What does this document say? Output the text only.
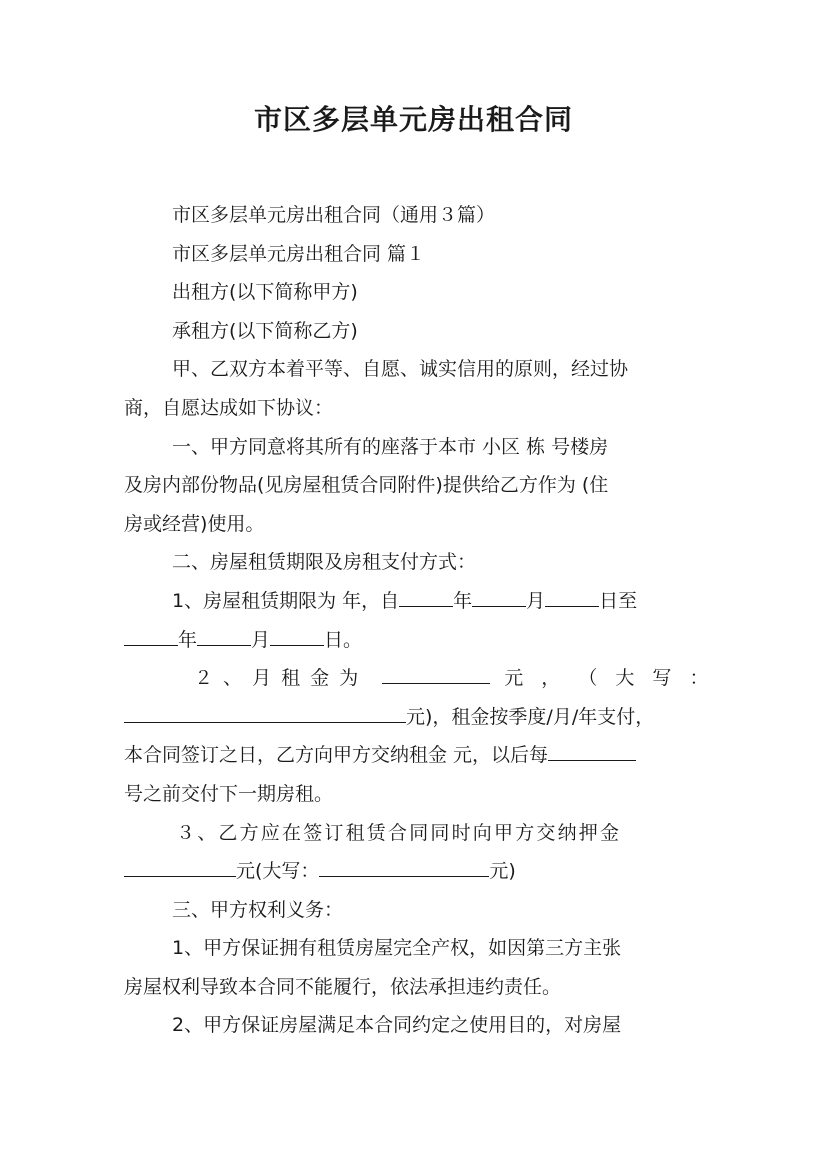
市区多层单元房出租合同
市区多层单元房出租合同（通用３篇）
市区多层单元房出租合同 篇１
出租方(以下简称甲方)
承租方(以下简称乙方)
甲、乙双方本着平等、自愿、诚实信用的原则，经过协
商，自愿达成如下协议：
一、甲方同意将其所有的座落于本市 小区 栋 号楼房
及房内部份物品(见房屋租赁合同附件)提供给乙方作为 (住
房或经营)使用。
二、房屋租赁期限及房租支付方式：
1、房屋租赁期限为 年，自	年	月	日至
年	月	日。
２ 、 月 租 金 为	元 ， （ 大 写 ：
元)，租金按季度/月/年支付，
本合同签订之日，乙方向甲方交纳租金 元，以后每
号之前交付下一期房租。
３、乙方应在签订租赁合同同时向甲方交纳押金
元(大写：	元)
三、甲方权利义务：
1、甲方保证拥有租赁房屋完全产权，如因第三方主张
房屋权利导致本合同不能履行，依法承担违约责任。
2、甲方保证房屋满足本合同约定之使用目的，对房屋
